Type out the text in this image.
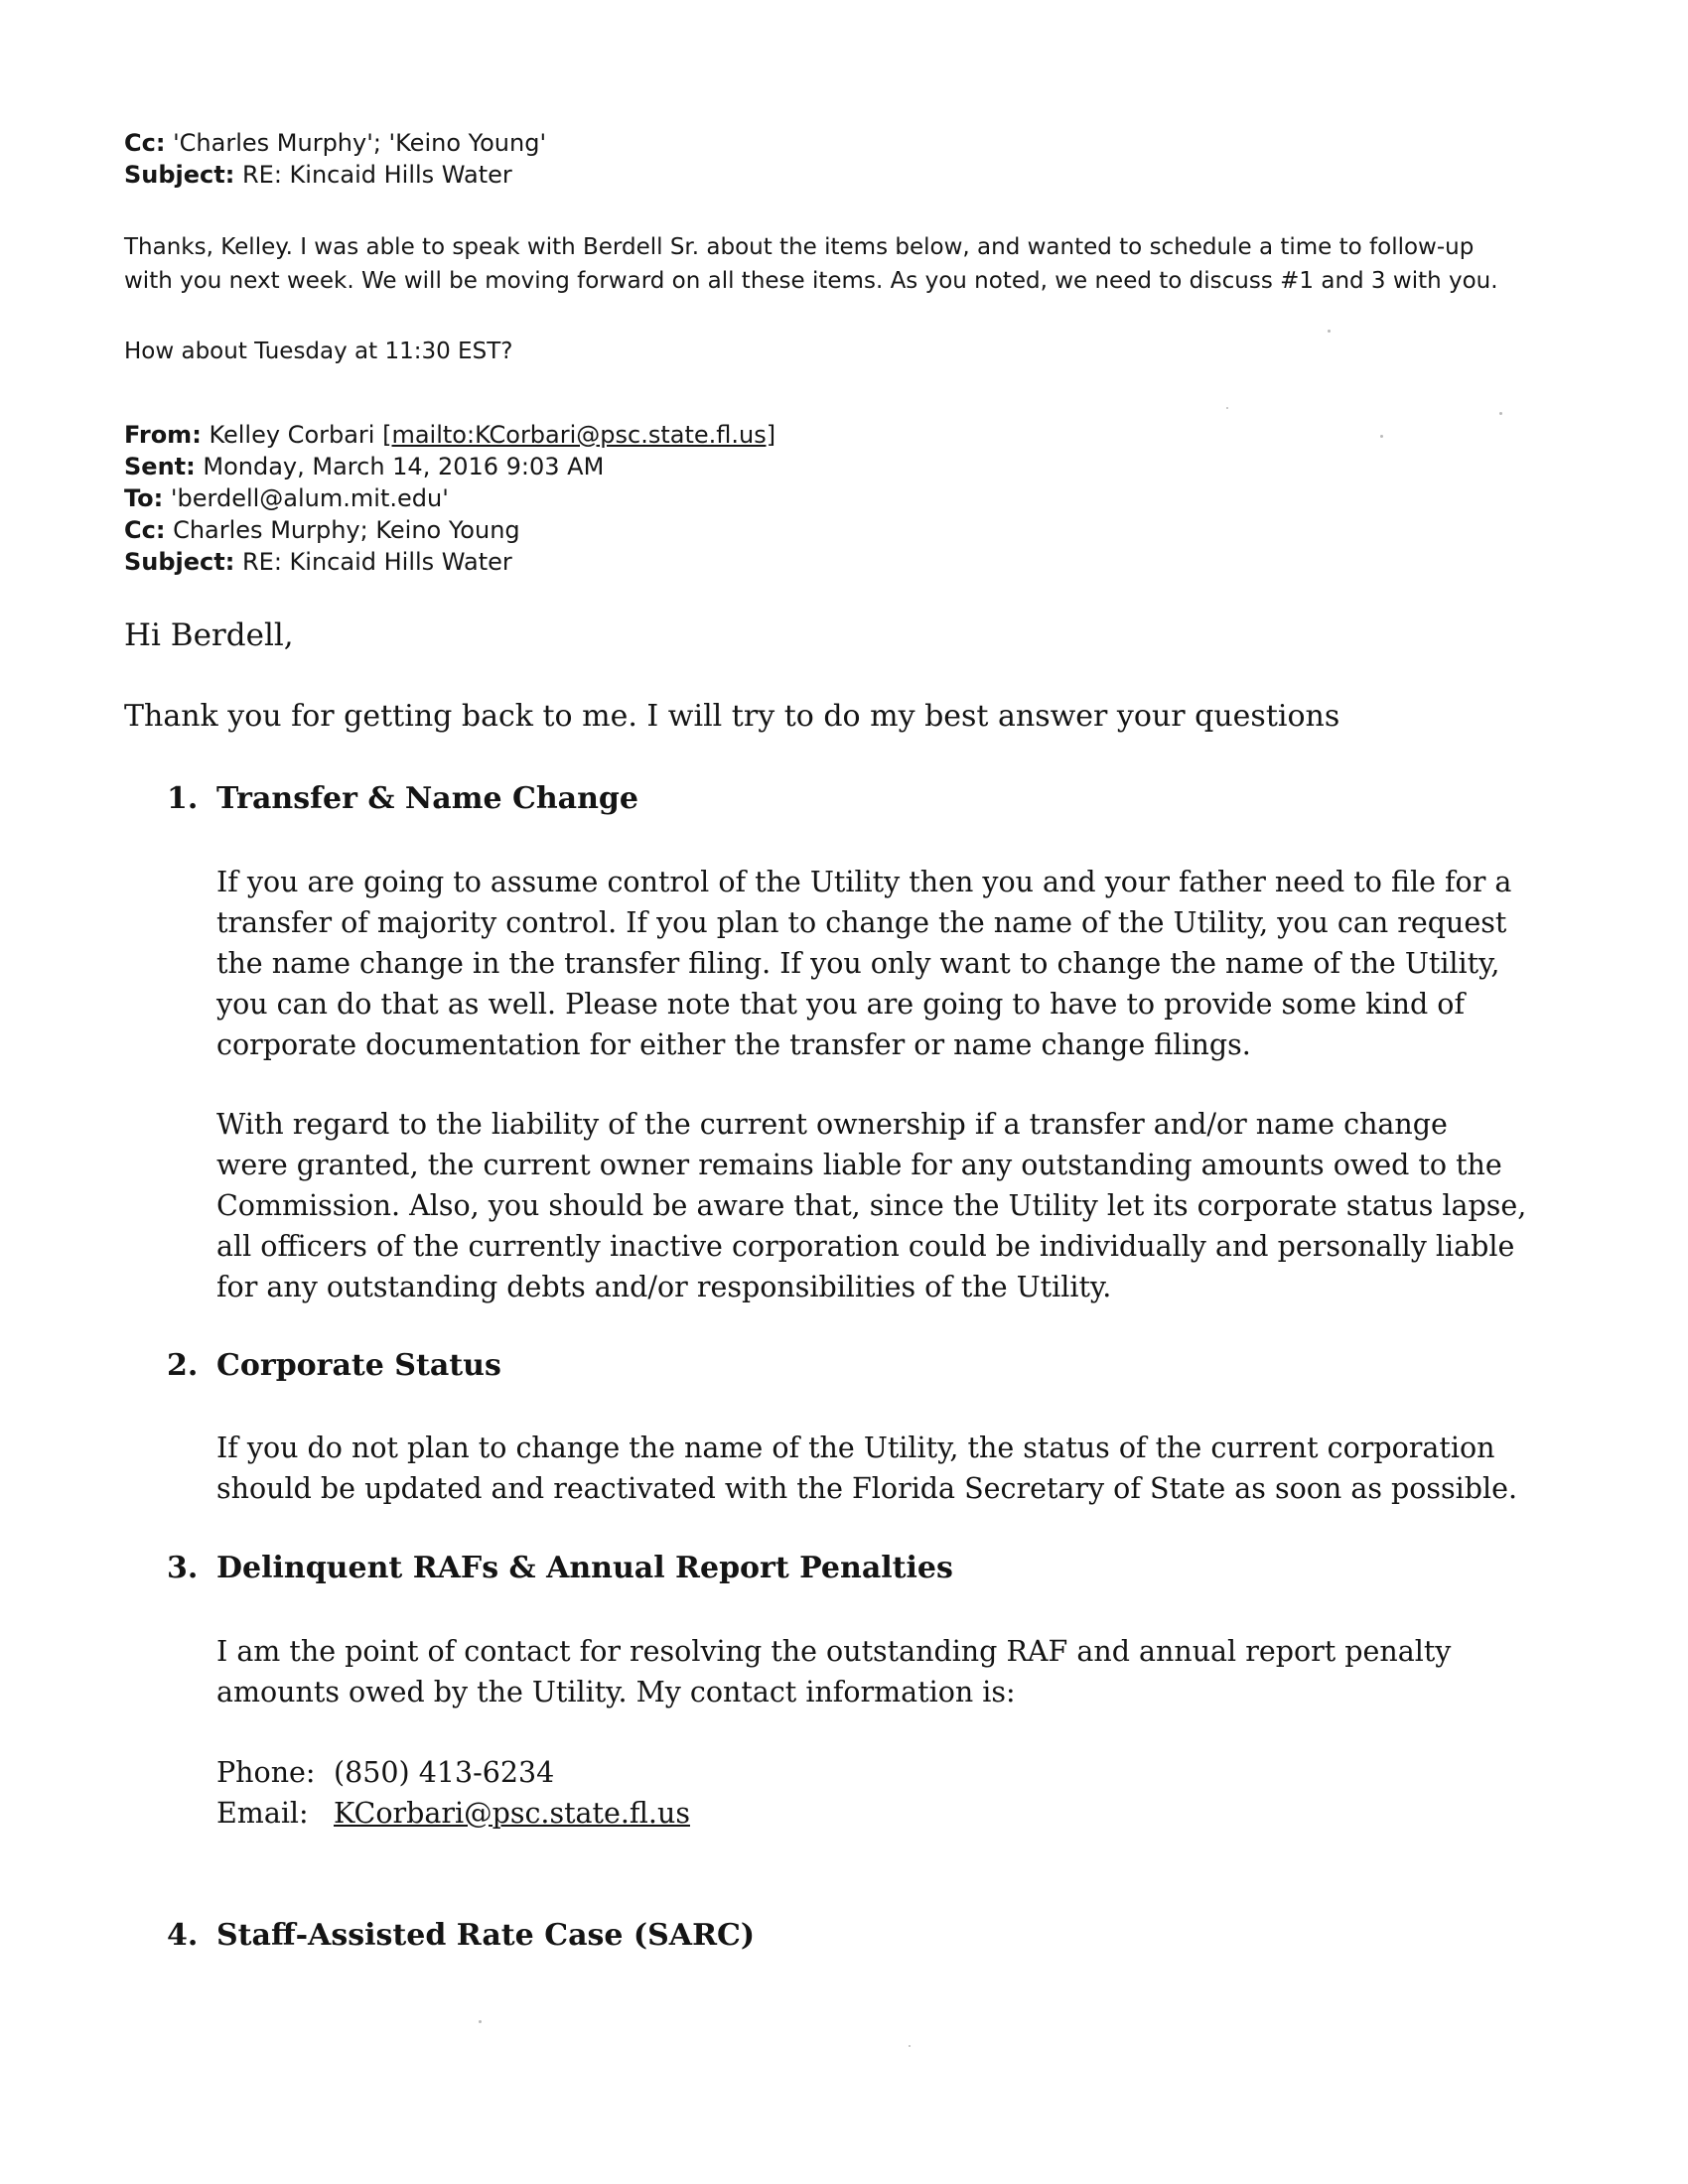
Cc: 'Charles Murphy'; 'Keino Young'
Subject: RE: Kincaid Hills Water
Thanks, Kelley. I was able to speak with Berdell Sr. about the items below, and wanted to schedule a time to follow-up
with you next week. We will be moving forward on all these items. As you noted, we need to discuss #1 and 3 with you.
How about Tuesday at 11:30 EST?
From: Kelley Corbari [mailto:KCorbari@psc.state.fl.us]
Sent: Monday, March 14, 2016 9:03 AM
To: 'berdell@alum.mit.edu'
Cc: Charles Murphy; Keino Young
Subject: RE: Kincaid Hills Water
Hi Berdell,
Thank you for getting back to me. I will try to do my best answer your questions
1. Transfer & Name Change
If you are going to assume control of the Utility then you and your father need to file for a
transfer of majority control. If you plan to change the name of the Utility, you can request
the name change in the transfer filing. If you only want to change the name of the Utility,
you can do that as well. Please note that you are going to have to provide some kind of
corporate documentation for either the transfer or name change filings.
With regard to the liability of the current ownership if a transfer and/or name change
were granted, the current owner remains liable for any outstanding amounts owed to the
Commission. Also, you should be aware that, since the Utility let its corporate status lapse,
all officers of the currently inactive corporation could be individually and personally liable
for any outstanding debts and/or responsibilities of the Utility.
2. Corporate Status
If you do not plan to change the name of the Utility, the status of the current corporation
should be updated and reactivated with the Florida Secretary of State as soon as possible.
3. Delinquent RAFs & Annual Report Penalties
I am the point of contact for resolving the outstanding RAF and annual report penalty
amounts owed by the Utility. My contact information is:
Phone: (850) 413-6234
Email: KCorbari@psc.state.fl.us
4. Staff-Assisted Rate Case (SARC)
